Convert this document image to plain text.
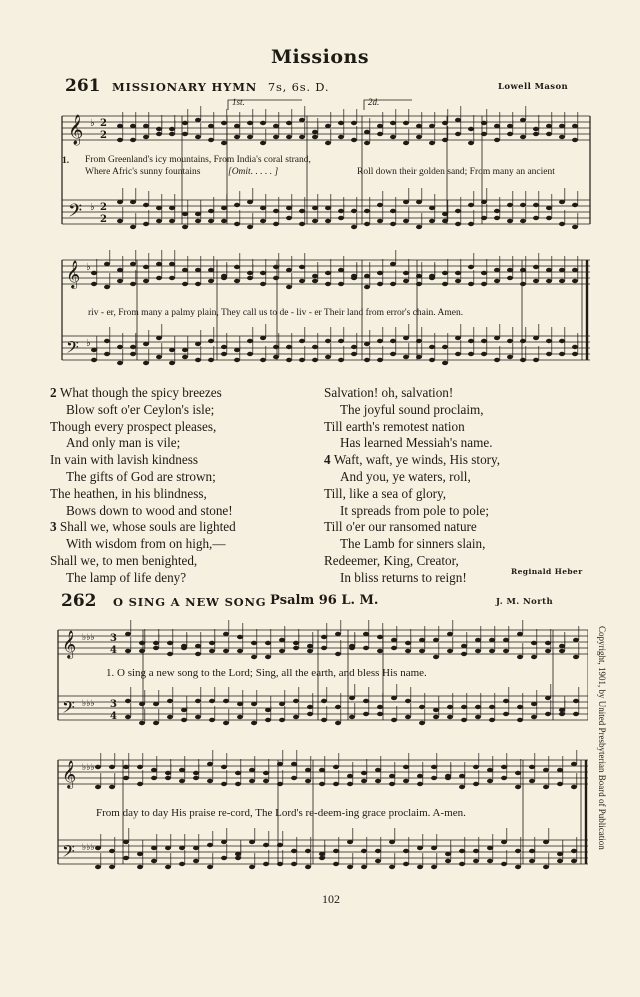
Missions
261 MISSIONARY HYMN 7s, 6s. D.	Lowell Mason
𝄞
𝄢
♭
♭
2
2
2
2
1st.	2d.
1. From Greenland's icy mountains, From India's coral strand,
Where Afric's sunny fountains	[Omit. . . . . ]	Roll down their golden sand; From many an ancient
𝄞
𝄢
♭
♭
riv - er, From many a palmy plain, They call us to de - liv - er Their land from error's chain. Amen.
2 What though the spicy breezes
Blow soft o'er Ceylon's isle;
Though every prospect pleases,
And only man is vile;
In vain with lavish kindness
The gifts of God are strown;
The heathen, in his blindness,
Bows down to wood and stone!
3 Shall we, whose souls are lighted
With wisdom from on high,—
Shall we, to men benighted,
The lamp of life deny?
Salvation! oh, salvation!
The joyful sound proclaim,
Till earth's remotest nation
Has learned Messiah's name.
4 Waft, waft, ye winds, His story,
And you, ye waters, roll,
Till, like a sea of glory,
It spreads from pole to pole;
Till o'er our ransomed nature
The Lamb for sinners slain,
Redeemer, King, Creator,
In bliss returns to reign!	Reginald Heber
262 O SING A NEW SONG Psalm 96 L. M.	J. M. North
𝄞
𝄢
♭♭♭
♭♭♭
3
4
3
4
1. O sing a new song to the Lord; Sing, all the earth, and bless His name.
𝄞
𝄢
♭♭♭
♭♭♭
From day to day His praise re-cord, The Lord's re-deem-ing grace proclaim. A-men.	Copyright, 1901, by United Presbyterian Board of Publication
102
